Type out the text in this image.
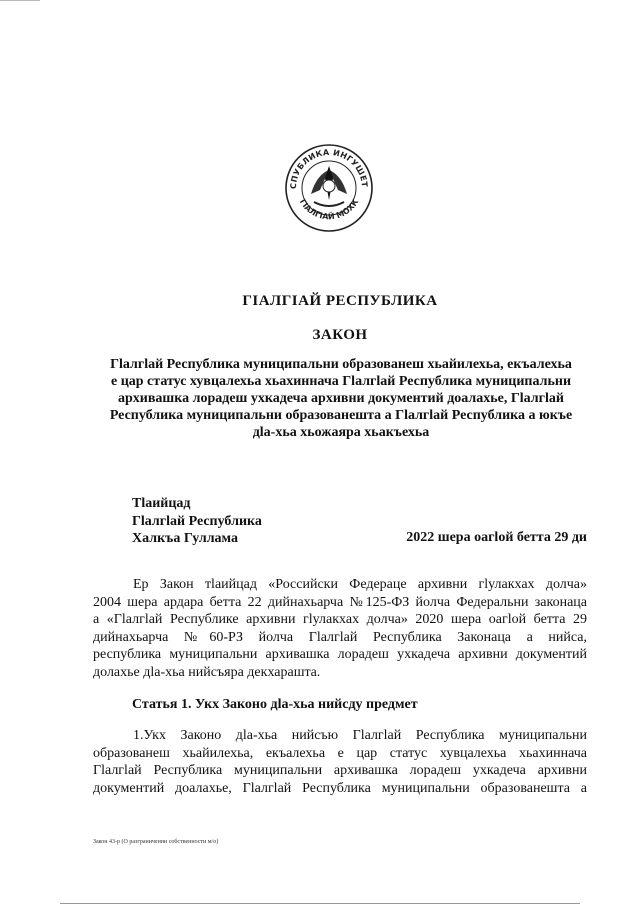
СПУБЛИКА ИНГУШЕТ
ГIАЛГIАЙ МОХК
ГIАЛГIАЙ РЕСПУБЛИКА
ЗАКОН
Гlалгlай Республика муниципальни образованеш хьайилехьа, екъалехьа
е цар статус хувцалехьа хьахиннача Гlалгlай Республика муниципальни
архивашка лорадеш ухкадеча архивни документий доалахье, Гlалгlай
Республика муниципальни образованешта а Гlалгlай Республика а юкъе
дlа-хьа хьожаяра хьакъехьа
Тlаийцад
Гlалгlай Республика
Халкъа Гуллама	2022 шера оагlой бетта 29 ди
Ер Закон тlаийцад «Российски Федераце архивни гlулакхах долча»
2004 шера ардара бетта 22 дийнахьарча №125-ФЗ йолча Федеральни законаца
а «Гlалгlай Республике архивни гlулакхах долча» 2020 шера оагlой бетта 29
дийнахьарча №60-РЗ йолча Гlалгlай Республика Законаца а нийса,
республика муниципальни архивашка лорадеш ухкадеча архивни документий
долахье дlа-хьа нийсъяра декхараштa.
Статья 1. Укх Законо дlа-хьа нийсду предмет
1.Укх Законо дlа-хьа нийсъю Гlалгlай Республика муниципальни
образованеш хьайилехьа, екъалехьа е цар статус хувцалехьа хьахиннача
Гlалгlай Республика муниципальни архивашка лорадеш ухкадеча архивни
документий доалахье, Гlалгlай Республика муниципальни образованешта а
Закон 43-р (О разграничении собственности м/о)
